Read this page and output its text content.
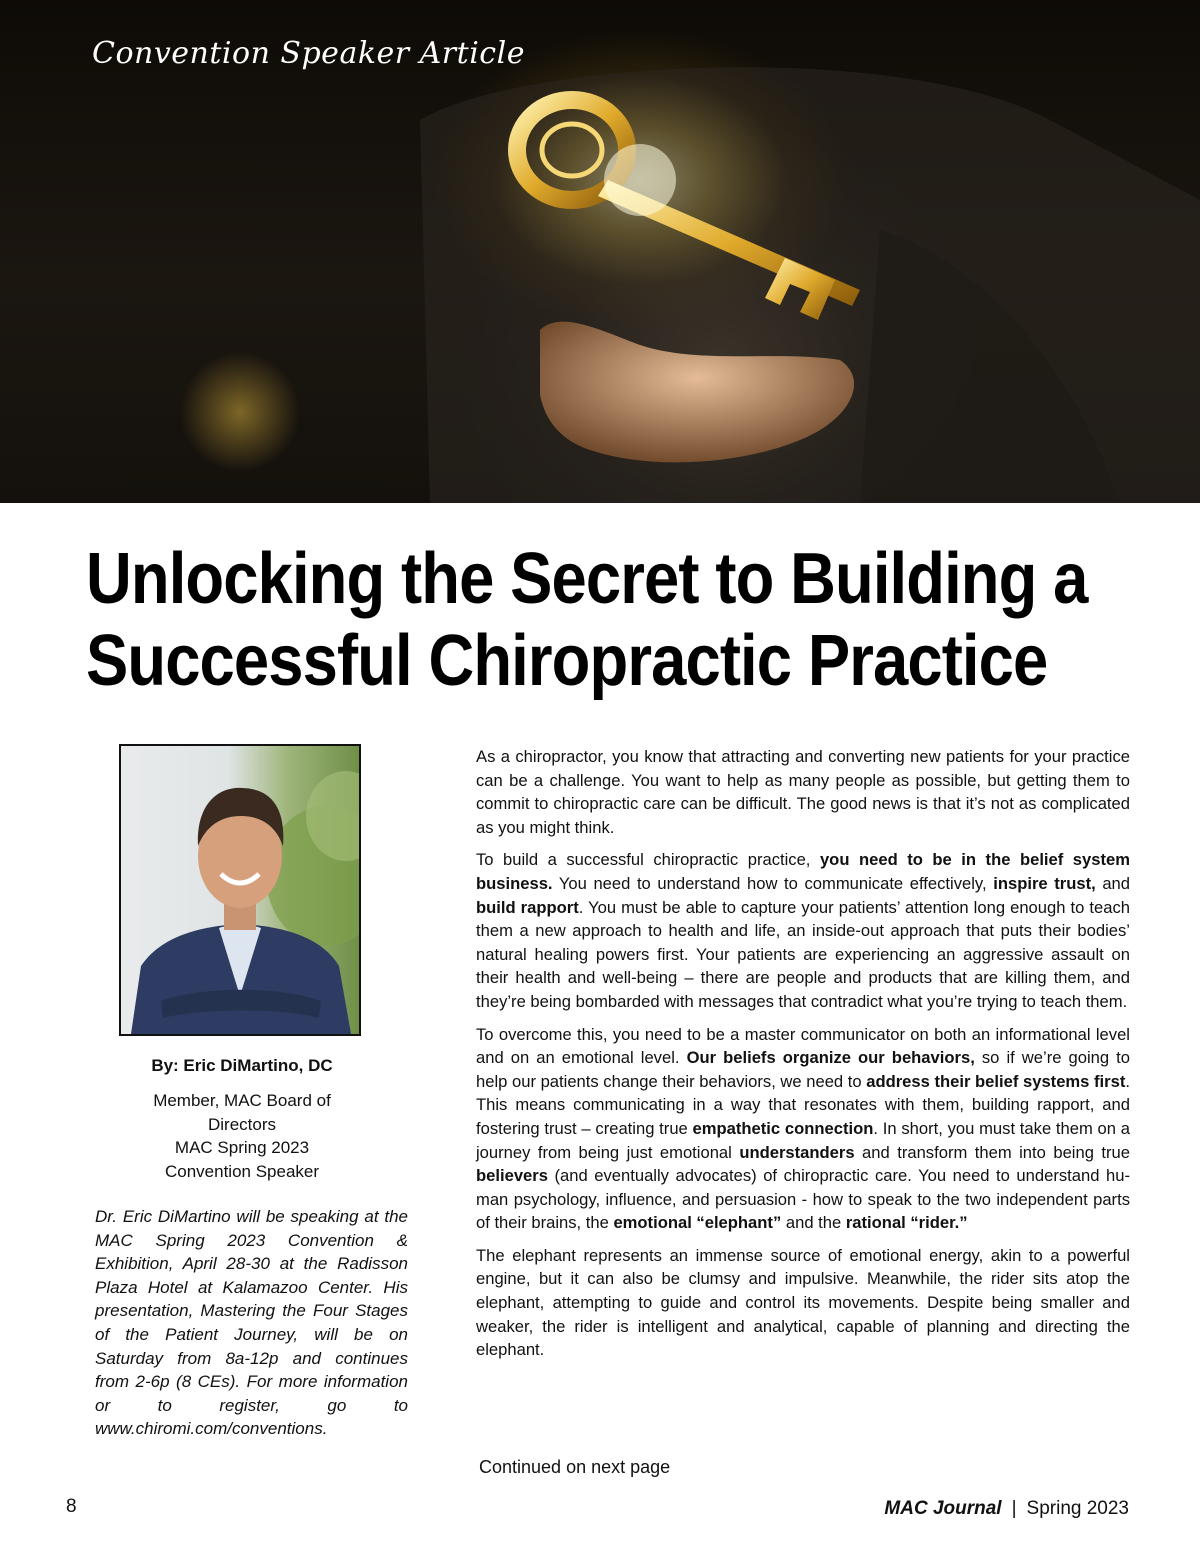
Convention Speaker Article
Unlocking the Secret to Building a
Successful Chiropractic Practice
By: Eric DiMartino, DC
Member, MAC Board of
Directors
MAC Spring 2023
Convention Speaker

Dr. Eric DiMartino will be speaking at the MAC Spring 2023 Convention & Exhibition, April 28-30 at the Radisson Plaza Hotel at Kalamazoo Center. His presentation, Mastering the Four Stages of the Patient Journey, will be on Saturday from 8a-12p and continues from 2-6p (8 CEs). For more information or to register, go to www.chiromi.com/conventions.

As a chiropractor, you know that attracting and converting new patients for your practice can be a challenge. You want to help as many people as possible, but getting them to commit to chiropractic care can be difficult. The good news is that it’s not as complicated as you might think.

To build a successful chiropractic practice, you need to be in the belief system business. You need to understand how to communicate effectively, inspire trust, and build rapport. You must be able to capture your patients’ attention long enough to teach them a new approach to health and life, an inside-out approach that puts their bodies’ natural healing powers first. Your patients are experiencing an aggressive assault on their health and well-being – there are people and products that are killing them, and they’re being bombarded with messages that contradict what you’re trying to teach them.

To overcome this, you need to be a master communicator on both an informational level and on an emotional level. Our beliefs organize our behaviors, so if we’re going to help our patients change their behaviors, we need to address their belief systems first. This means communicating in a way that resonates with them, building rapport, and fostering trust – creating true empathetic connection. In short, you must take them on a journey from being just emotional understanders and transform them into being true believers (and eventually advocates) of chiropractic care. You need to understand human psychology, influence, and persuasion - how to speak to the two independent parts of their brains, the emotional “elephant” and the rational “rider.”

The elephant represents an immense source of emotional energy, akin to a powerful engine, but it can also be clumsy and impulsive. Meanwhile, the rider sits atop the elephant, attempting to guide and control its movements. Despite being smaller and weaker, the rider is intelligent and analytical, capable of planning and directing the elephant.

Continued on next page
8	MAC Journal | Spring 2023
